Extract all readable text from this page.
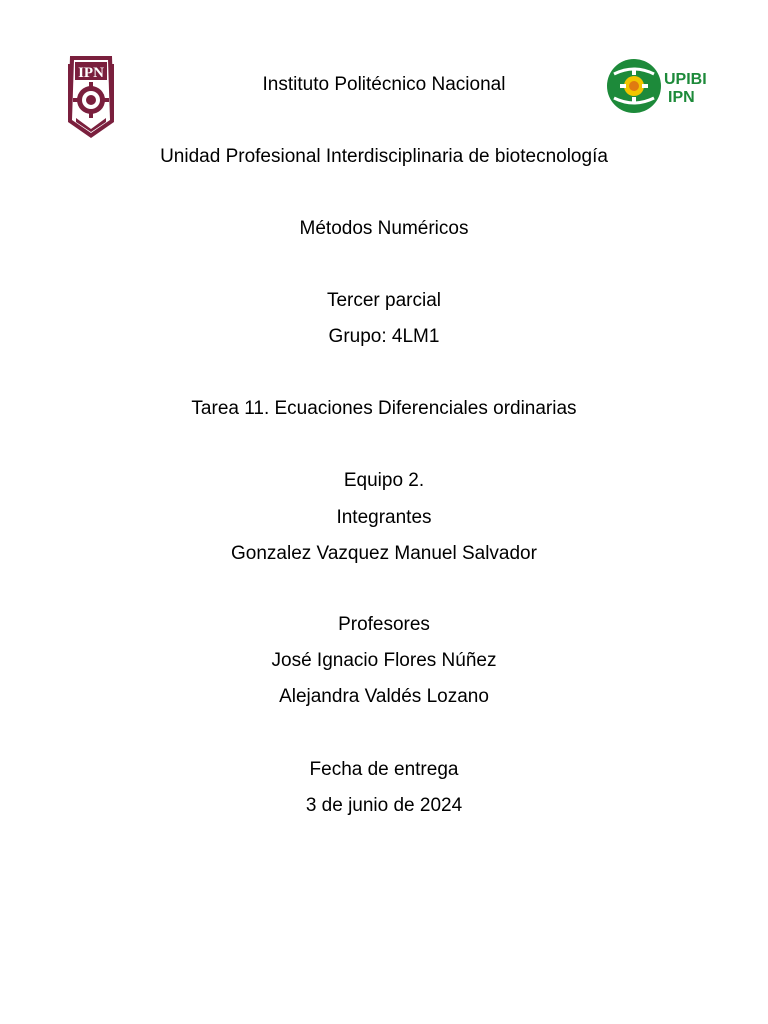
IPN	UPIBI
IPN
Instituto Politécnico Nacional
Unidad Profesional Interdisciplinaria de biotecnología
Métodos Numéricos
Tercer parcial
Grupo: 4LM1
Tarea 11. Ecuaciones Diferenciales ordinarias
Equipo 2.
Integrantes
Gonzalez Vazquez Manuel Salvador
Profesores
José Ignacio Flores Núñez
Alejandra Valdés Lozano
Fecha de entrega
3 de junio de 2024
